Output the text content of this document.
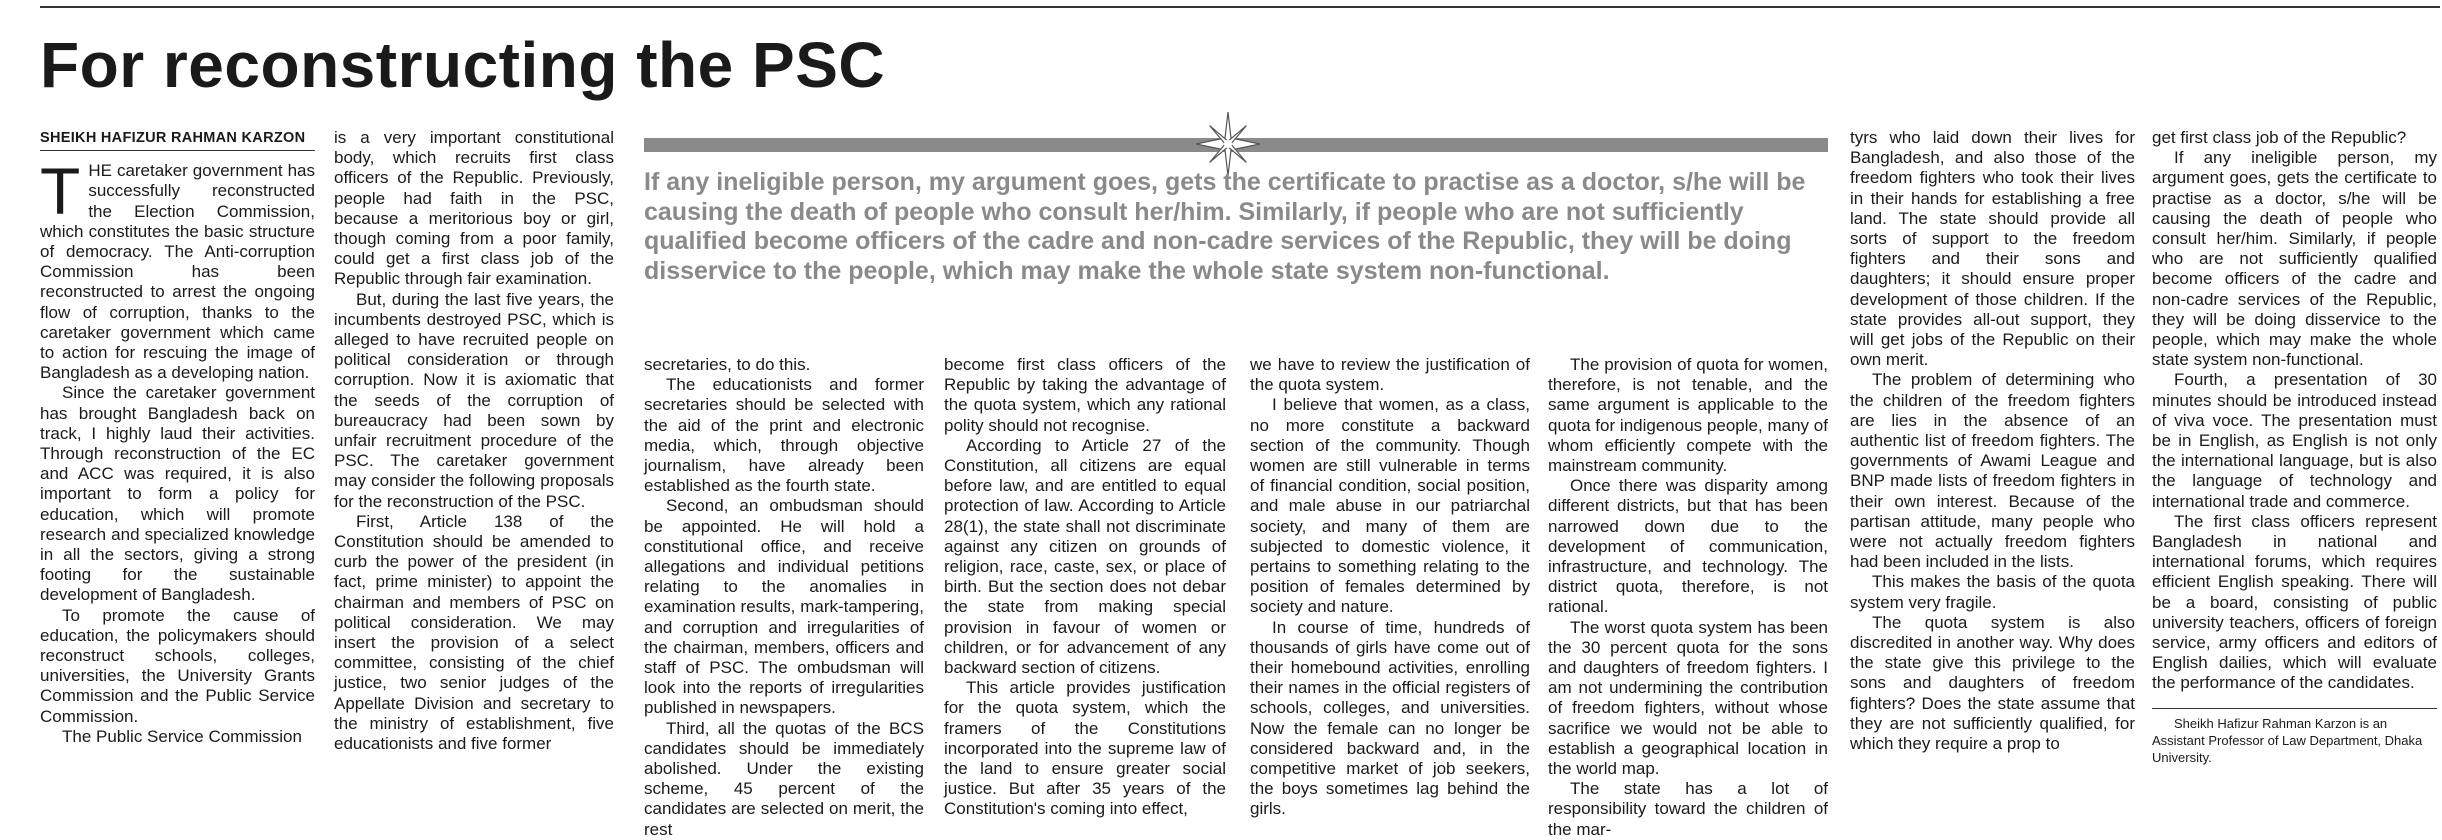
For reconstructing the PSC
SHEIKH HAFIZUR RAHMAN KARZON

THE caretaker government has successfully reconstructed the Election Commission, which constitutes the basic structure of democracy. The Anti-corruption Commission has been reconstructed to arrest the ongoing flow of corruption, thanks to the caretaker government which came to action for rescuing the image of Bangladesh as a developing nation.

Since the caretaker government has brought Bangladesh back on track, I highly laud their activities. Through reconstruction of the EC and ACC was required, it is also important to form a policy for education, which will promote research and specialized knowledge in all the sectors, giving a strong footing for the sustainable development of Bangladesh.

To promote the cause of education, the policymakers should reconstruct schools, colleges, universities, the University Grants Commission and the Public Service Commission.

The Public Service Commission

is a very important constitutional body, which recruits first class officers of the Republic. Previously, people had faith in the PSC, because a meritorious boy or girl, though coming from a poor family, could get a first class job of the Republic through fair examination.

But, during the last five years, the incumbents destroyed PSC, which is alleged to have recruited people on political consideration or through corruption. Now it is axiomatic that the seeds of the corruption of bureaucracy had been sown by unfair recruitment procedure of the PSC. The caretaker government may consider the following proposals for the reconstruction of the PSC.

First, Article 138 of the Constitution should be amended to curb the power of the president (in fact, prime minister) to appoint the chairman and members of PSC on political consideration. We may insert the provision of a select committee, consisting of the chief justice, two senior judges of the Appellate Division and secretary to the ministry of establishment, five educationists and five former

If any ineligible person, my argument goes, gets the certificate to practise as a doctor, s/he will be causing the death of people who consult her/him. Similarly, if people who are not sufficiently qualified become officers of the cadre and non-cadre services of the Republic, they will be doing disservice to the people, which may make the whole state system non-functional.

secretaries, to do this.

The educationists and former secretaries should be selected with the aid of the print and electronic media, which, through objective journalism, have already been established as the fourth state.

Second, an ombudsman should be appointed. He will hold a constitutional office, and receive allegations and individual petitions relating to the anomalies in examination results, mark-tampering, and corruption and irregularities of the chairman, members, officers and staff of PSC. The ombudsman will look into the reports of irregularities published in newspapers.

Third, all the quotas of the BCS candidates should be immediately abolished. Under the existing scheme, 45 percent of the candidates are selected on merit, the rest

become first class officers of the Republic by taking the advantage of the quota system, which any rational polity should not recognise.

According to Article 27 of the Constitution, all citizens are equal before law, and are entitled to equal protection of law. According to Article 28(1), the state shall not discriminate against any citizen on grounds of religion, race, caste, sex, or place of birth. But the section does not debar the state from making special provision in favour of women or children, or for advancement of any backward section of citizens.

This article provides justification for the quota system, which the framers of the Constitutions incorporated into the supreme law of the land to ensure greater social justice. But after 35 years of the Constitution's coming into effect,

we have to review the justification of the quota system.

I believe that women, as a class, no more constitute a backward section of the community. Though women are still vulnerable in terms of financial condition, social position, and male abuse in our patriarchal society, and many of them are subjected to domestic violence, it pertains to something relating to the position of females determined by society and nature.

In course of time, hundreds of thousands of girls have come out of their homebound activities, enrolling their names in the official registers of schools, colleges, and universities. Now the female can no longer be considered backward and, in the competitive market of job seekers, the boys sometimes lag behind the girls.

The provision of quota for women, therefore, is not tenable, and the same argument is applicable to the quota for indigenous people, many of whom efficiently compete with the mainstream community.

Once there was disparity among different districts, but that has been narrowed down due to the development of communication, infrastructure, and technology. The district quota, therefore, is not rational.

The worst quota system has been the 30 percent quota for the sons and daughters of freedom fighters. I am not undermining the contribution of freedom fighters, without whose sacrifice we would not be able to establish a geographical location in the world map.

The state has a lot of responsibility toward the children of the mar-

tyrs who laid down their lives for Bangladesh, and also those of the freedom fighters who took their lives in their hands for establishing a free land. The state should provide all sorts of support to the freedom fighters and their sons and daughters; it should ensure proper development of those children. If the state provides all-out support, they will get jobs of the Republic on their own merit.

The problem of determining who the children of the freedom fighters are lies in the absence of an authentic list of freedom fighters. The governments of Awami League and BNP made lists of freedom fighters in their own interest. Because of the partisan attitude, many people who were not actually freedom fighters had been included in the lists.

This makes the basis of the quota system very fragile.

The quota system is also discredited in another way. Why does the state give this privilege to the sons and daughters of freedom fighters? Does the state assume that they are not sufficiently qualified, for which they require a prop to

get first class job of the Republic?

If any ineligible person, my argument goes, gets the certificate to practise as a doctor, s/he will be causing the death of people who consult her/him. Similarly, if people who are not sufficiently qualified become officers of the cadre and non-cadre services of the Republic, they will be doing disservice to the people, which may make the whole state system non-functional.

Fourth, a presentation of 30 minutes should be introduced instead of viva voce. The presentation must be in English, as English is not only the international language, but is also the language of technology and international trade and commerce.

The first class officers represent Bangladesh in national and international forums, which requires efficient English speaking. There will be a board, consisting of public university teachers, officers of foreign service, army officers and editors of English dailies, which will evaluate the performance of the candidates.

Sheikh Hafizur Rahman Karzon is an Assistant Professor of Law Department, Dhaka University.
